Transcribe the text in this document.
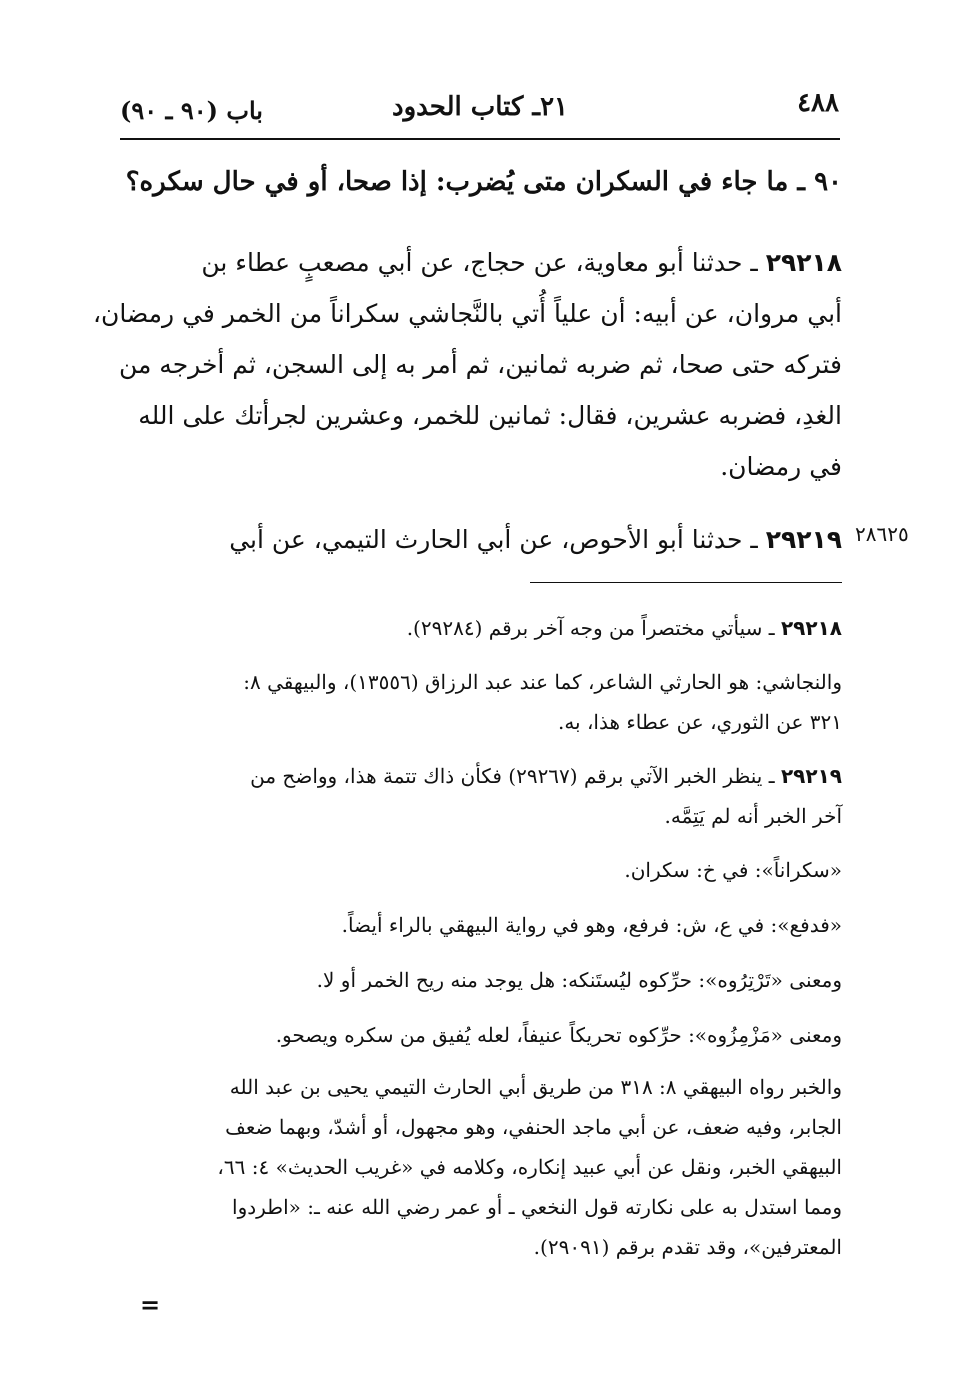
٤٨٨
٢١ـ كتاب الحدود
باب (٩٠ ـ ٩٠)
٩٠ ـ ما جاء في السكران متى يُضرب: إذا صحا، أو في حال سكره؟
٢٩٢١٨ ـ حدثنا أبو معاوية، عن حجاج، عن أبي مصعبٍ عطاء بن
أبي مروان، عن أبيه: أن علياً أُتي بالنَّجاشي سكراناً من الخمر في رمضان،
فتركه حتى صحا، ثم ضربه ثمانين، ثم أمر به إلى السجن، ثم أخرجه من
الغدِ، فضربه عشرين، فقال: ثمانين للخمر، وعشرين لجرأتك على الله
في رمضان.
٢٩٢١٩ ـ حدثنا أبو الأحوص، عن أبي الحارث التيمي، عن أبي	٢٨٦٢٥
٢٩٢١٨ ـ سيأتي مختصراً من وجه آخر برقم (٢٩٢٨٤).
والنجاشي: هو الحارثي الشاعر، كما عند عبد الرزاق (١٣٥٥٦)، والبيهقي ٨:
٣٢١ عن الثوري، عن عطاء هذا، به.
٢٩٢١٩ ـ ينظر الخبر الآتي برقم (٢٩٢٦٧) فكأن ذاك تتمة هذا، وواضح من
آخر الخبر أنه لم يَتِمَّه.
«سكراناً»: في خ: سكران.
«فدفع»: في ع، ش: فرفع، وهو في رواية البيهقي بالراء أيضاً.
ومعنى «تَرْتِرُوه»: حرِّكوه ليُستَنكه: هل يوجد منه ريح الخمر أو لا.
ومعنى «مَزْمِزُوه»: حرِّكوه تحريكاً عنيفاً، لعله يُفيق من سكره ويصحو.
والخبر رواه البيهقي ٨: ٣١٨ من طريق أبي الحارث التيمي يحيى بن عبد الله
الجابر، وفيه ضعف، عن أبي ماجد الحنفي، وهو مجهول، أو أشدّ، وبهما ضعف
البيهقي الخبر، ونقل عن أبي عبيد إنكاره، وكلامه في «غريب الحديث» ٤: ٦٦،
ومما استدل به على نكارته قول النخعي ـ أو عمر رضي الله عنه ـ: «اطردوا
المعترفين»، وقد تقدم برقم (٢٩٠٩١).
=
